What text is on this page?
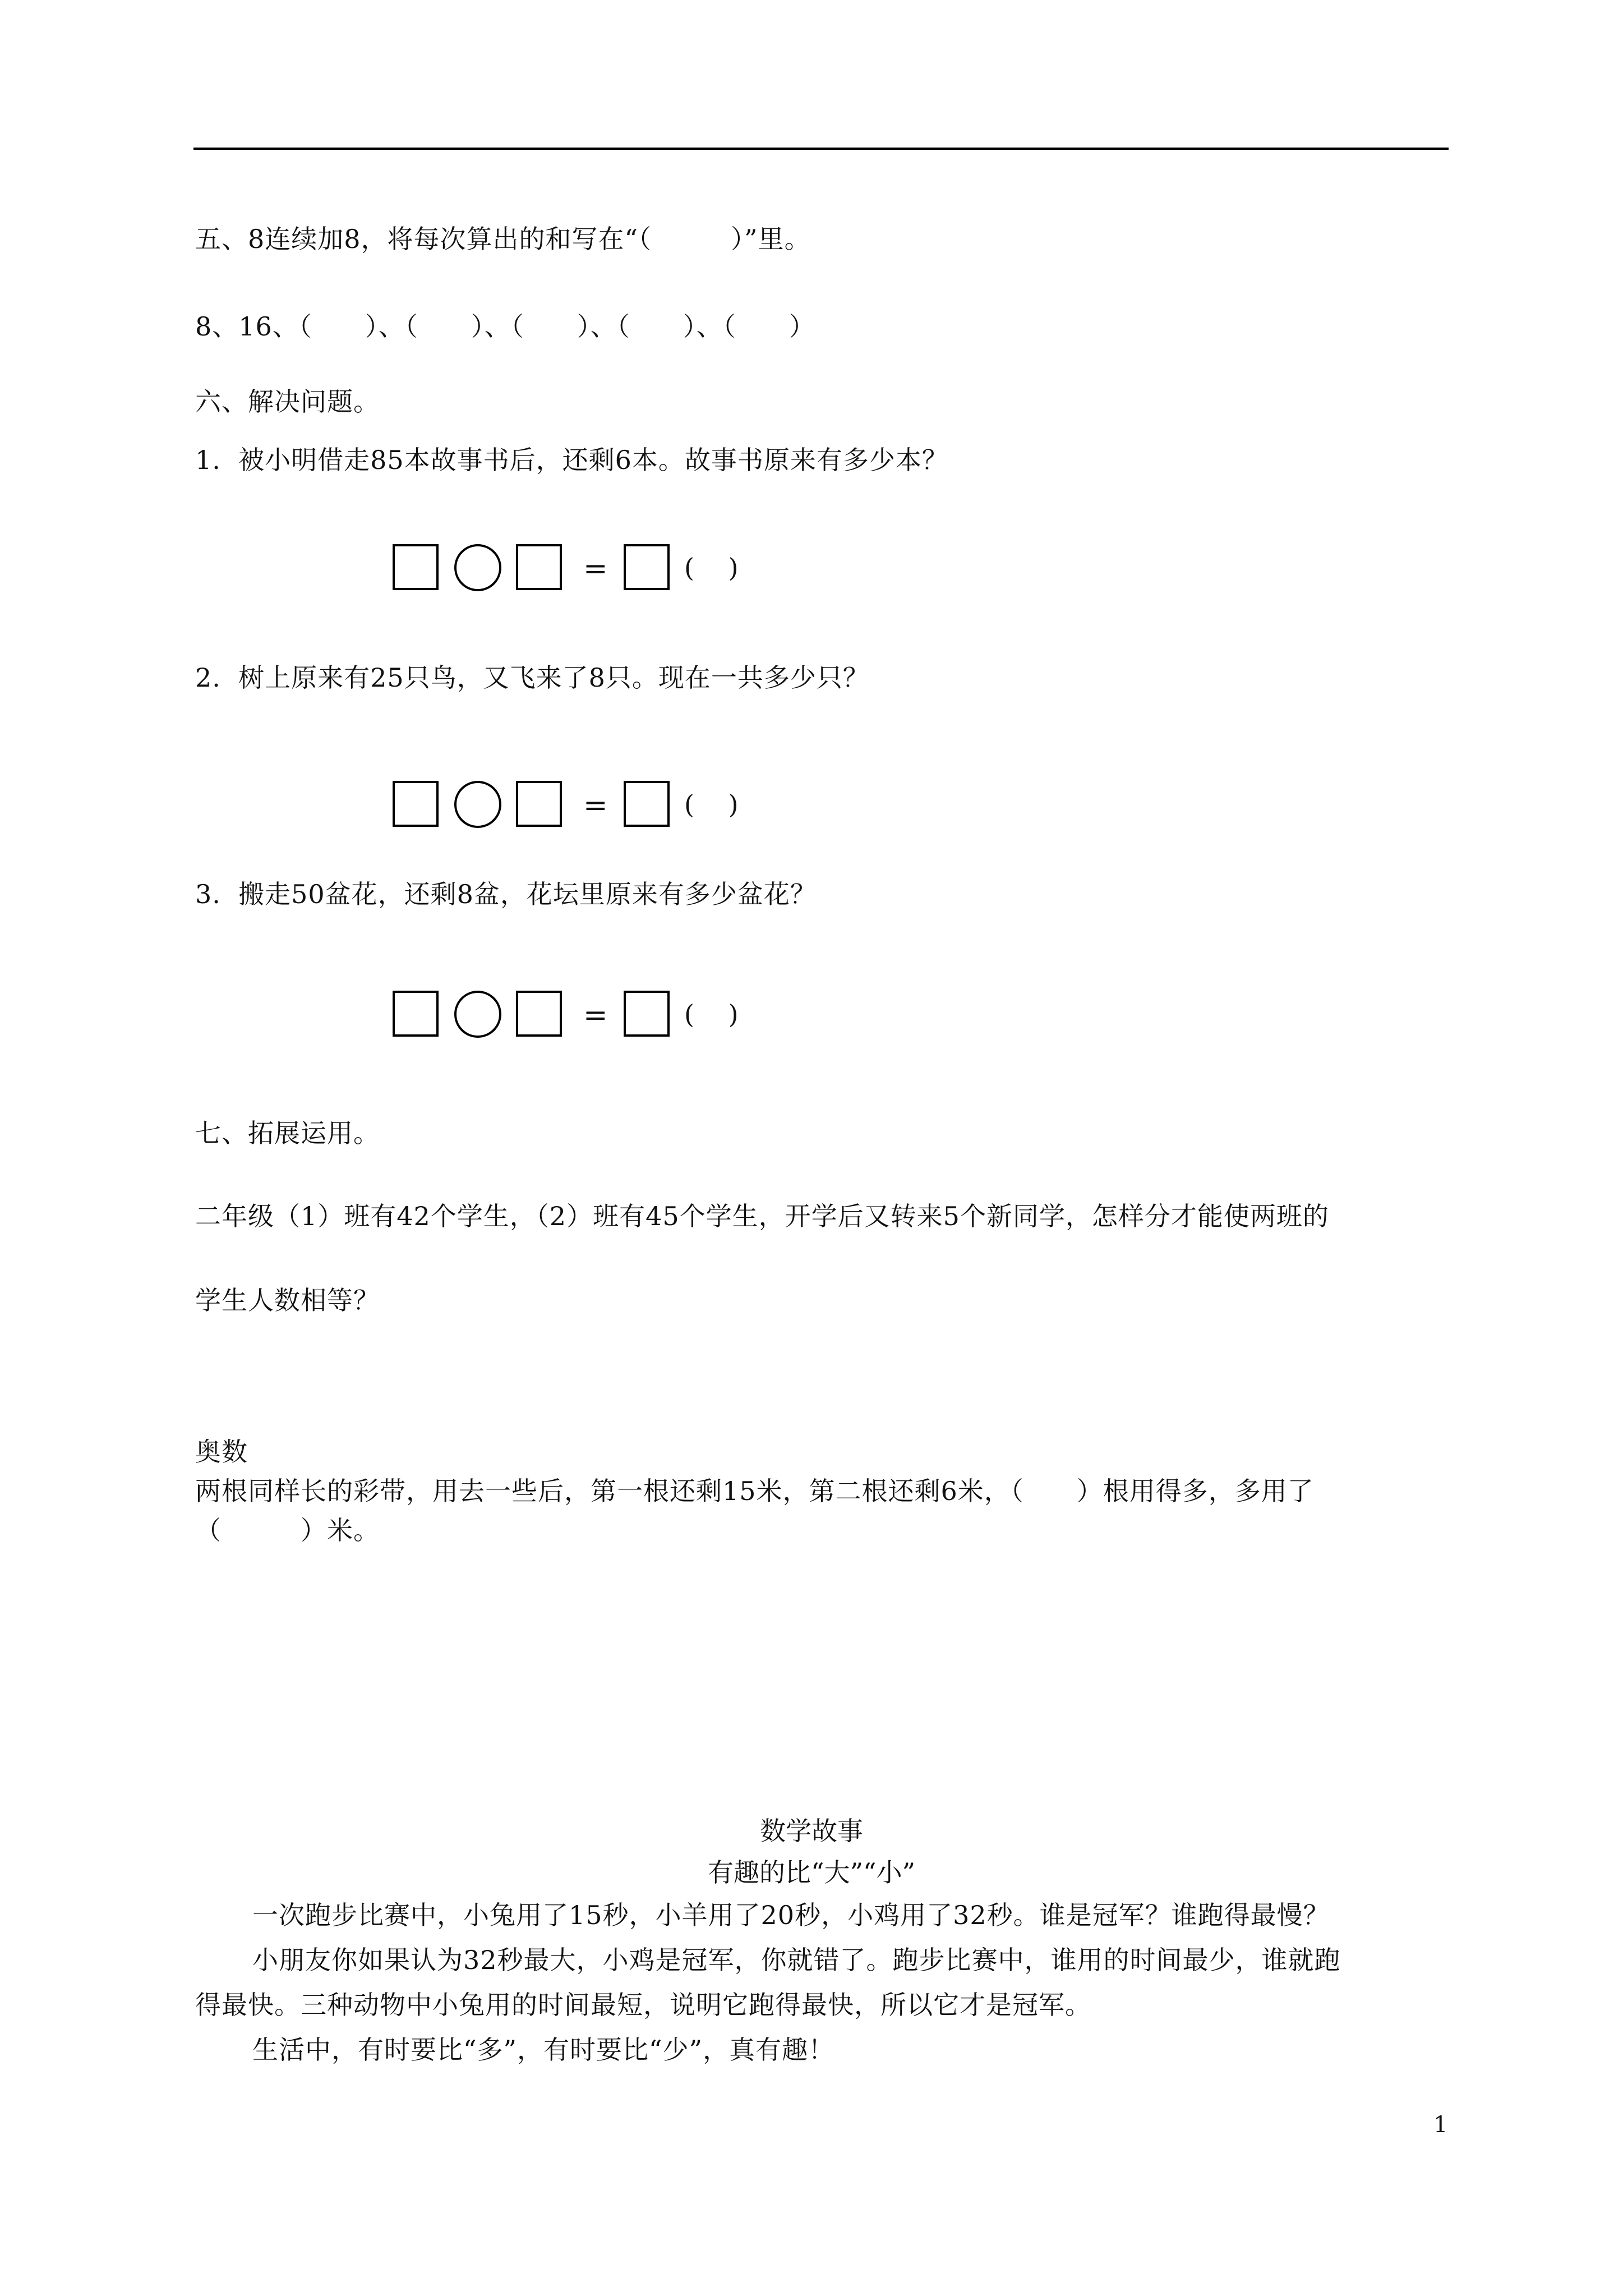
五、8连续加8，将每次算出的和写在“（　　　）”里。
8、16、（　　）、（　　）、（　　）、（　　）、（　　）
六、解决问题。
1.  被小明借走85本故事书后，还剩6本。故事书原来有多少本？
=	(　 )
2.  树上原来有25只鸟，又飞来了8只。现在一共多少只？
=	(　 )
3.  搬走50盆花，还剩8盆，花坛里原来有多少盆花？
=	(　 )
七、拓展运用。
二年级（1）班有42个学生，（2）班有45个学生，开学后又转来5个新同学，怎样分才能使两班的
学生人数相等？
奥数
两根同样长的彩带，用去一些后，第一根还剩15米，第二根还剩6米，（　　）根用得多，多用了
（　　　）米。
数学故事
有趣的比“大”“小”
一次跑步比赛中，小兔用了15秒，小羊用了20秒，小鸡用了32秒。谁是冠军？谁跑得最慢？
小朋友你如果认为32秒最大，小鸡是冠军，你就错了。跑步比赛中，谁用的时间最少，谁就跑
得最快。三种动物中小兔用的时间最短，说明它跑得最快，所以它才是冠军。
生活中，有时要比“多”，有时要比“少”，真有趣！
1
